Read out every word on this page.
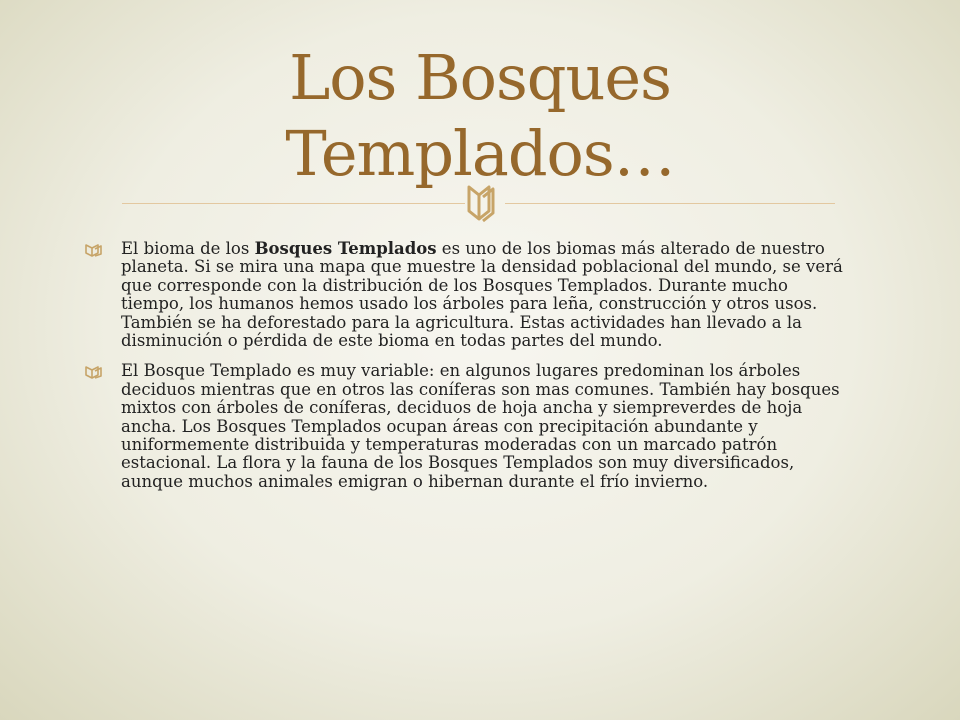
Los Bosques
Templados…
El bioma de los Bosques Templados es uno de los biomas más alterado de nuestro planeta. Si se mira una mapa que muestre la densidad poblacional del mundo, se verá que corresponde con la distribución de los Bosques Templados. Durante mucho tiempo, los humanos hemos usado los árboles para leña, construcción y otros usos. También se ha deforestado para la agricultura. Estas actividades han llevado a la disminución o pérdida de este bioma en todas partes del mundo.
El Bosque Templado es muy variable: en algunos lugares predominan los árboles deciduos mientras que en otros las coníferas son mas comunes. También hay bosques mixtos con árboles de coníferas, deciduos de hoja ancha y siempreverdes de hoja ancha. Los Bosques Templados ocupan áreas con precipitación abundante y uniformemente distribuida y temperaturas moderadas con un marcado patrón estacional. La flora y la fauna de los Bosques Templados son muy diversificados, aunque muchos animales emigran o hibernan durante el frío invierno.
